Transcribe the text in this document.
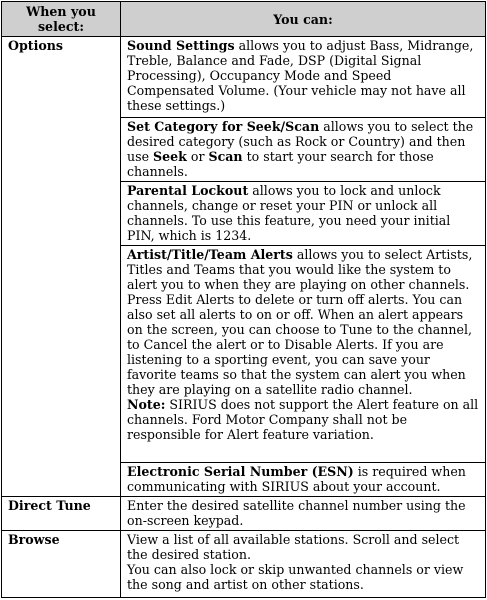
When you select:	You can:
Options	Sound Settings allows you to adjust Bass, Midrange, Treble, Balance and Fade, DSP (Digital Signal Processing), Occupancy Mode and Speed Compensated Volume. (Your vehicle may not have all these settings.)
	Set Category for Seek/Scan allows you to select the desired category (such as Rock or Country) and then use Seek or Scan to start your search for those channels.
	Parental Lockout allows you to lock and unlock channels, change or reset your PIN or unlock all channels. To use this feature, you need your initial PIN, which is 1234.
	Artist/Title/Team Alerts allows you to select Artists, Titles and Teams that you would like the system to alert you to when they are playing on other channels. Press Edit Alerts to delete or turn off alerts. You can also set all alerts to on or off. When an alert appears on the screen, you can choose to Tune to the channel, to Cancel the alert or to Disable Alerts. If you are listening to a sporting event, you can save your favorite teams so that the system can alert you when they are playing on a satellite radio channel.
Note: SIRIUS does not support the Alert feature on all channels. Ford Motor Company shall not be responsible for Alert feature variation.

	Electronic Serial Number (ESN) is required when communicating with SIRIUS about your account.
Direct Tune	Enter the desired satellite channel number using the on-screen keypad.
Browse	View a list of all available stations. Scroll and select the desired station.
You can also lock or skip unwanted channels or view the song and artist on other stations.
